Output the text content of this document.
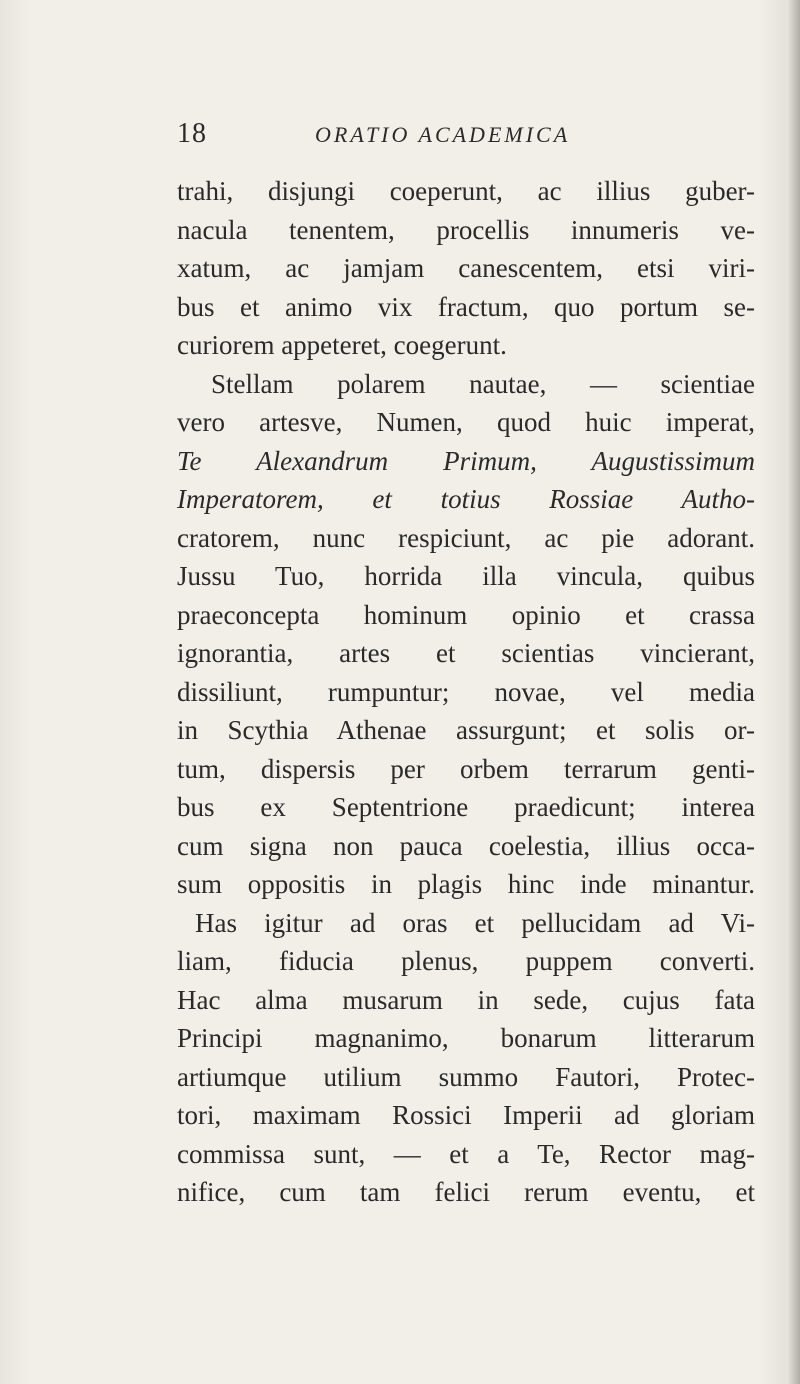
18	ORATIO ACADEMICA
trahi, disjungi coeperunt, ac illius guber-
nacula tenentem, procellis innumeris ve-
xatum, ac jamjam canescentem, etsi viri-
bus et animo vix fractum, quo portum se-
curiorem appeteret, coegerunt.
Stellam polarem nautae, — scientiae
vero artesve, Numen, quod huic imperat,
Te Alexandrum Primum, Augustissimum
Imperatorem, et totius Rossiae Autho-
cratorem, nunc respiciunt, ac pie adorant.
Jussu Tuo, horrida illa vincula, quibus
praeconcepta hominum opinio et crassa
ignorantia, artes et scientias vincierant,
dissiliunt, rumpuntur; novae, vel media
in Scythia Athenae assurgunt; et solis or-
tum, dispersis per orbem terrarum genti-
bus ex Septentrione praedicunt; interea
cum signa non pauca coelestia, illius occa-
sum oppositis in plagis hinc inde minantur.
Has igitur ad oras et pellucidam ad Vi-
liam, fiducia plenus, puppem converti.
Hac alma musarum in sede, cujus fata
Principi magnanimo, bonarum litterarum
artiumque utilium summo Fautori, Protec-
tori, maximam Rossici Imperii ad gloriam
commissa sunt, — et a Te, Rector mag-
nifice, cum tam felici rerum eventu, et
